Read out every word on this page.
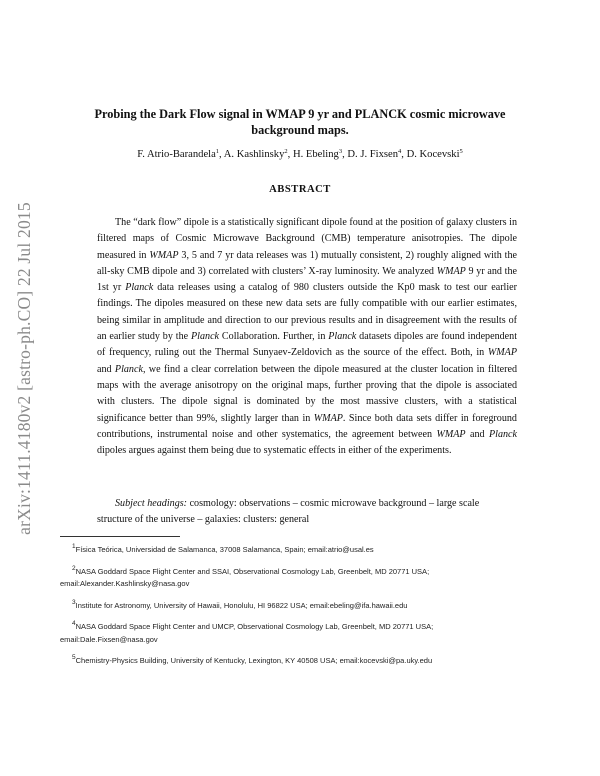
arXiv:1411.4180v2 [astro-ph.CO] 22 Jul 2015
Probing the Dark Flow signal in WMAP 9 yr and PLANCK cosmic microwave
background maps.
F. Atrio-Barandela$^1$, A. Kashlinsky$^2$, H. Ebeling$^3$, D. J. Fixsen$^4$, D. Kocevski$^5$
ABSTRACT

The “dark flow” dipole is a statistically significant dipole found at the position of galaxy clusters in filtered maps of Cosmic Microwave Background (CMB) temperature anisotropies. The dipole measured in WMAP 3, 5 and 7 yr data releases was 1) mutually consistent, 2) roughly aligned with the all-sky CMB dipole and 3) correlated with clusters’ X-ray luminosity. We analyzed WMAP 9 yr and the 1st yr Planck data releases using a catalog of 980 clusters outside the Kp0 mask to test our earlier findings. The dipoles measured on these new data sets are fully compatible with our earlier estimates, being similar in amplitude and direction to our previous results and in disagreement with the results of an earlier study by the Planck Collaboration. Further, in Planck datasets dipoles are found independent of frequency, ruling out the Thermal Sunyaev-Zeldovich as the source of the effect. Both, in WMAP and Planck, we find a clear correlation between the dipole measured at the cluster location in filtered maps with the average anisotropy on the original maps, further proving that the dipole is associated with clusters. The dipole signal is dominated by the most massive clusters, with a statistical significance better than 99%, slightly larger than in WMAP. Since both data sets differ in foreground contributions, instrumental noise and other systematics, the agreement between WMAP and Planck dipoles argues against them being due to systematic effects in either of the experiments.

Subject headings: cosmology: observations – cosmic microwave background – large scale structure of the universe – galaxies: clusters: general

$^1$Física Teórica, Universidad de Salamanca, 37008 Salamanca, Spain; email:atrio@usal.es

$^2$NASA Goddard Space Flight Center and SSAI, Observational Cosmology Lab, Greenbelt, MD 20771 USA; email:Alexander.Kashlinsky@nasa.gov

$^3$Institute for Astronomy, University of Hawaii, Honolulu, HI 96822 USA; email:ebeling@ifa.hawaii.edu

$^4$NASA Goddard Space Flight Center and UMCP, Observational Cosmology Lab, Greenbelt, MD 20771 USA; email:Dale.Fixsen@nasa.gov

$^5$Chemistry-Physics Building, University of Kentucky, Lexington, KY 40508 USA; email:kocevski@pa.uky.edu
